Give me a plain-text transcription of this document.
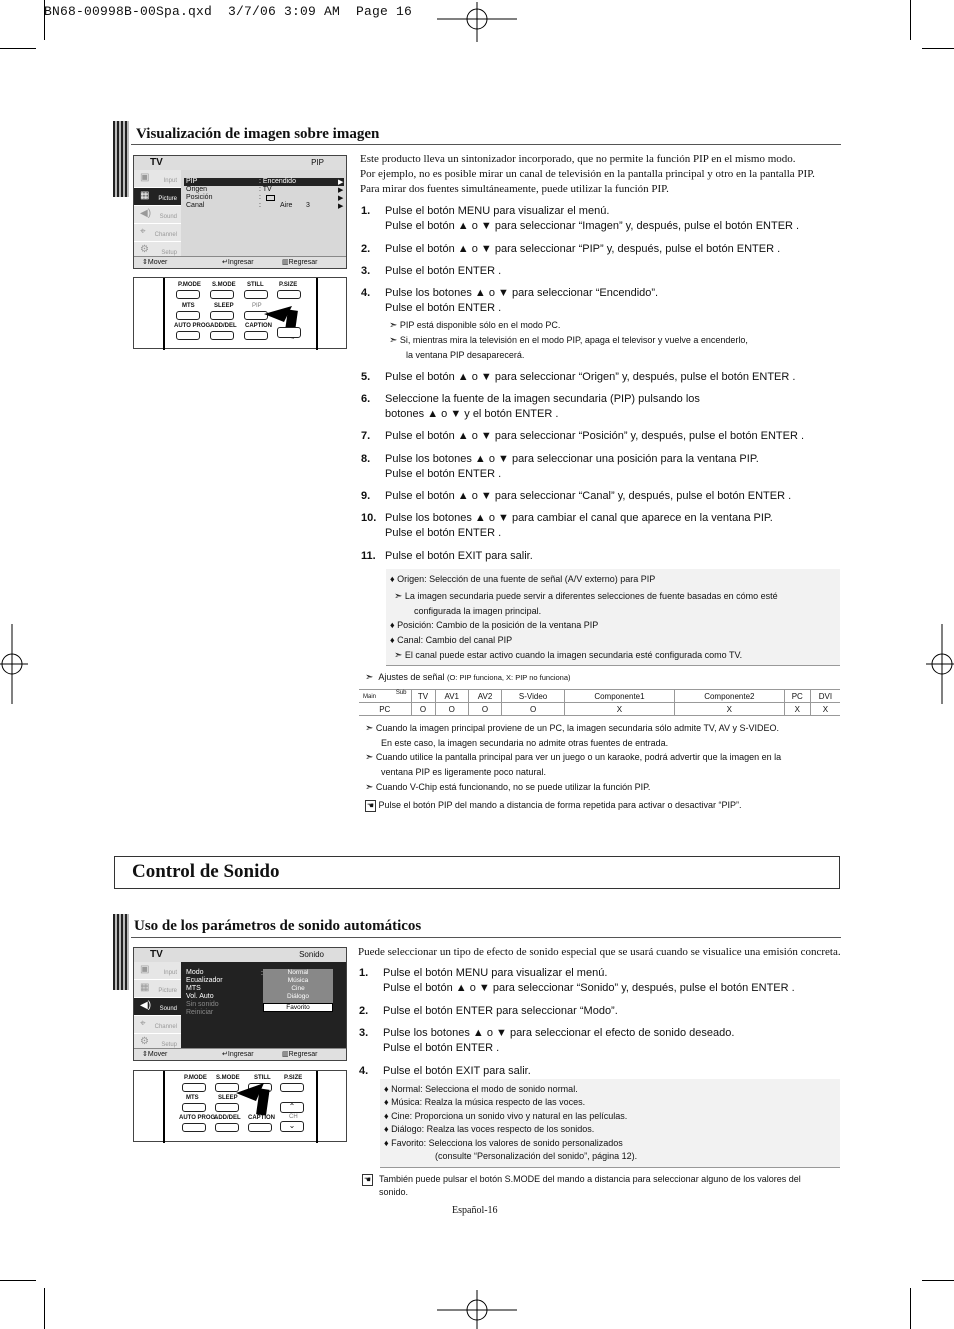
BN68-00998B-00Spa.qxd  3/7/06 3:09 AM  Page 16
Visualización de imagen sobre imagen
TV	PIP
▣ Input
▦ Picture
◀) Sound
⌖ Channel
⚙ Setup
PIP	: Encendido	▶
Origen	: TV	▶
Posición	:	▶
Canal	:	Aire 3	▶
⇕ Mover	↵ Ingresar	▥ Regresar
P.MODE S.MODE STILL	P.SIZE
MTS	SLEEP	PIP
AUTO PROG.
ADD/DEL CAPTION
Este producto lleva un sintonizador incorporado, que no permite la función PIP en el mismo modo.
Por ejemplo, no es posible mirar un canal de televisión en la pantalla principal y otro en la pantalla PIP.
Para mirar dos fuentes simultáneamente, puede utilizar la función PIP.
1. Pulse el botón MENU para visualizar el menú.
Pulse el botón ▲ o ▼ para seleccionar “Imagen” y, después, pulse el botón ENTER .
2. Pulse el botón ▲ o ▼ para seleccionar “PIP” y, después, pulse el botón ENTER .
3. Pulse el botón ENTER .
4. Pulse los botones ▲ o ▼ para seleccionar “Encendido”.
Pulse el botón ENTER .
➣ PIP está disponible sólo en el modo PC.
➣ Si, mientras mira la televisión en el modo PIP, apaga el televisor y vuelve a encenderlo,
la ventana PIP desaparecerá.
5. Pulse el botón ▲ o ▼ para seleccionar “Origen” y, después, pulse el botón ENTER .
6. Seleccione la fuente de la imagen secundaria (PIP) pulsando los
botones ▲ o ▼ y el botón ENTER .
7. Pulse el botón ▲ o ▼ para seleccionar “Posición” y, después, pulse el botón ENTER .
8. Pulse los botones ▲ o ▼ para seleccionar una posición para la ventana PIP.
Pulse el botón ENTER .
9. Pulse el botón ▲ o ▼ para seleccionar “Canal” y, después, pulse el botón ENTER .
10. Pulse los botones ▲ o ▼ para cambiar el canal que aparece en la ventana PIP.
Pulse el botón ENTER .
11. Pulse el botón EXIT para salir.
♦ Origen: Selección de una fuente de señal (A/V externo) para PIP
➣ La imagen secundaria puede servir a diferentes selecciones de fuente basadas en cómo esté
configurada la imagen principal.
♦ Posición: Cambio de la posición de la ventana PIP
♦ Canal: Cambio del canal PIP
➣ El canal puede estar activo cuando la imagen secundaria esté configurada como TV.
➣ Ajustes de señal (O: PIP funciona, X: PIP no funciona)
Main
Sub	TV	AV1	AV2	S-Video	Componente1	Componente2	PC	DVI
PC	O	O	O	O	X	X	X	X
➣ Cuando la imagen principal proviene de un PC, la imagen secundaria sólo admite TV, AV y S-VIDEO.
En este caso, la imagen secundaria no admite otras fuentes de entrada.
➣ Cuando utilice la pantalla principal para ver un juego o un karaoke, podrá advertir que la imagen en la
ventana PIP es ligeramente poco natural.
➣ Cuando V-Chip está funcionando, no se puede utilizar la función PIP.
☚ Pulse el botón PIP del mando a distancia de forma repetida para activar o desactivar “PIP”.
Control de Sonido
Uso de los parámetros de sonido automáticos
TV	Sonido
▣ Input
▦ Picture
◀) Sound
⌖ Channel
⚙ Setup
Modo
Ecualizador
MTS
Vol. Auto
Sin sonido
Reiniciar
:	Normal
Música
Cine
Diálogo
Favorito
⇕ Mover	↵ Ingresar	▥ Regresar
P.MODE S.MODE STILL P.SIZE
MTS	SLEEP
AUTO PROG.
ADD/DEL CAPTION
⌃
CH
⌄
Puede seleccionar un tipo de efecto de sonido especial que se usará cuando se visualice una emisión concreta.
1. Pulse el botón MENU para visualizar el menú.
Pulse el botón ▲ o ▼ para seleccionar “Sonido” y, después, pulse el botón ENTER .
2. Pulse el botón ENTER para seleccionar “Modo”.
3. Pulse los botones ▲ o ▼ para seleccionar el efecto de sonido deseado.
Pulse el botón ENTER .
4. Pulse el botón EXIT para salir.
♦ Normal: Selecciona el modo de sonido normal.
♦ Música: Realza la música respecto de las voces.
♦ Cine: Proporciona un sonido vivo y natural en las películas.
♦ Diálogo: Realza las voces respecto de los sonidos.
♦ Favorito: Selecciona los valores de sonido personalizados
(consulte “Personalización del sonido”, página 12).
☚ También puede pulsar el botón S.MODE del mando a distancia para seleccionar alguno de los valores del
sonido.
Español-16
